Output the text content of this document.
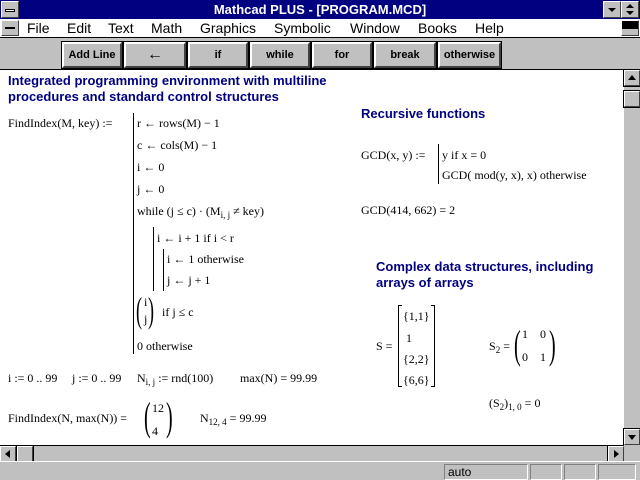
Mathcad PLUS - [PROGRAM.MCD]
File Edit Text Math Graphics Symbolic Window Books Help
Add Line	←	if	while	for	break	otherwise
Integrated programming environment with multiline
procedures and standard control structures
FindIndex(M, key) := r ← rows(M) − 1
c ← cols(M) − 1
i ← 0
j ← 0
while $(j \le c) \cdot (M_{i, j} \ne key)$
i ← i + 1 if i < r
i ← 1 otherwise
j ← j + 1
( i
j ) if j ≤ c
0 otherwise
i := 0 .. 99 j := 0 .. 99 $N_{i, j}$ := rnd(100) max(N) = 99.99
FindIndex(N, max(N)) = ( 12
4 ) $N_{12, 4} = 99.99$
Recursive functions
GCD(x, y) := y if x = 0
GCD( mod(y, x), x) otherwise
GCD(414, 662) = 2
Complex data structures, including
arrays of arrays
S =
{1,1}
1
{2,2}
{6,6}
$S_2$ = ( 1 0
0 1 )
$(S_2)_{1, 0} = 0$
auto
